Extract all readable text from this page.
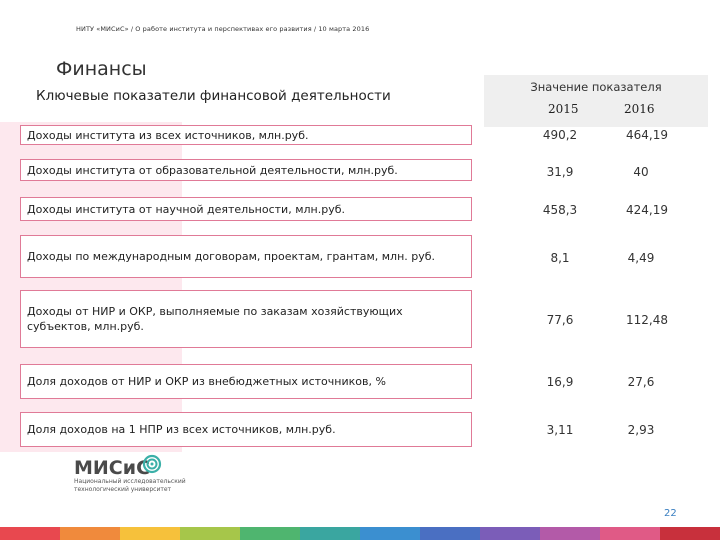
НИТУ «МИСиС» / О работе института и перспективах его развития / 10 марта 2016
Финансы
Ключевые показатели финансовой деятельности
Значение показателя
2015	2016
Доходы института из всех источников, млн.руб.	490,2	464,19
Доходы института от образовательной деятельности, млн.руб.	31,9	40
Доходы института от научной деятельности, млн.руб.	458,3	424,19
Доходы по международным договорам, проектам, грантам, млн. руб.	8,1	4,49
Доходы от НИР и ОКР, выполняемые по заказам хозяйствующих субъектов, млн.руб.	77,6	112,48
Доля доходов от НИР и ОКР из внебюджетных источников, %	16,9	27,6
Доля доходов на 1 НПР из всех источников, млн.руб.	3,11	2,93
МИСиС
Национальный исследовательский технологический университет
22
